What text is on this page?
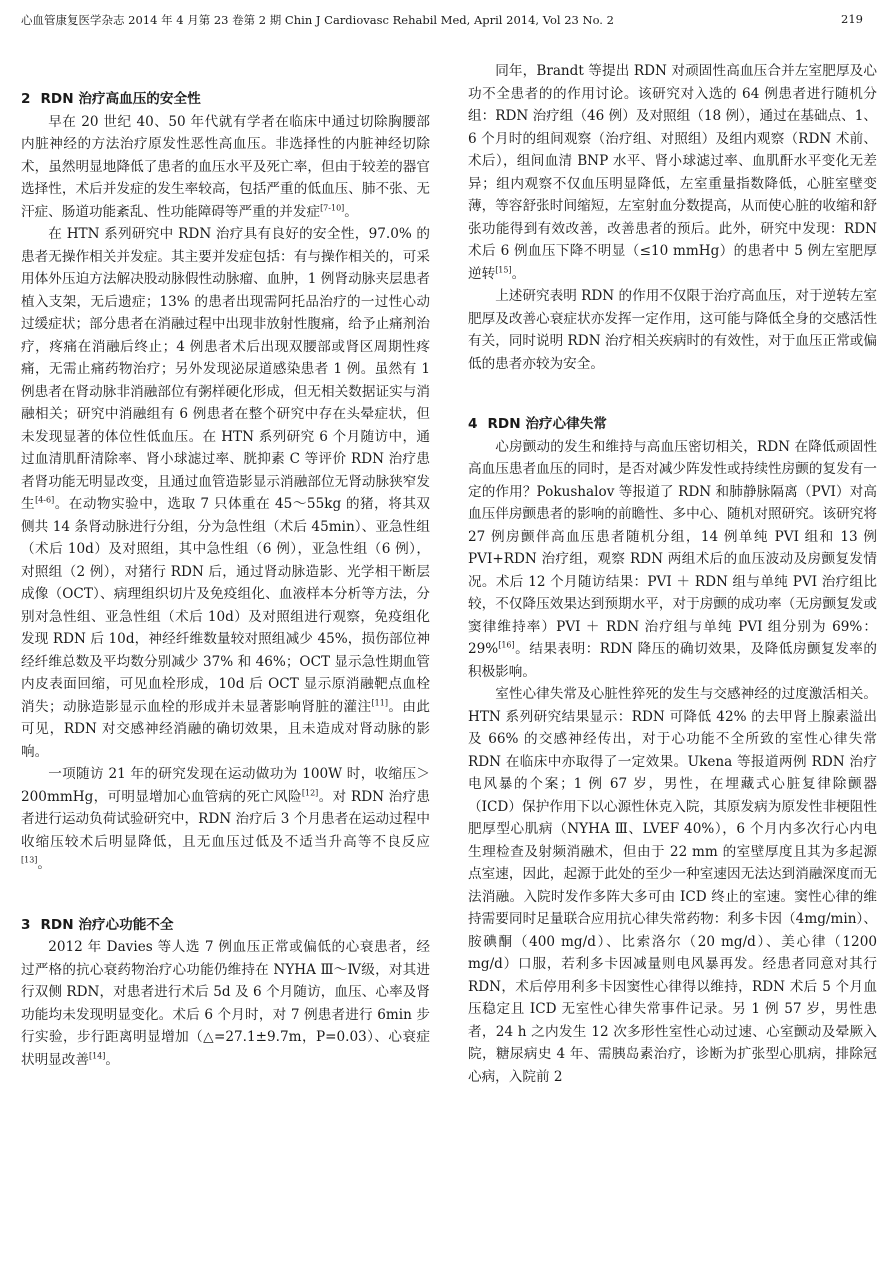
心血管康复医学杂志 2014 年 4 月第 23 卷第 2 期 Chin J Cardiovasc Rehabil Med, April 2014, Vol 23 No. 2	219
2 RDN 治疗高血压的安全性

早在 20 世纪 40、50 年代就有学者在临床中通过切除胸腰部内脏神经的方法治疗原发性恶性高血压。非选择性的内脏神经切除术，虽然明显地降低了患者的血压水平及死亡率，但由于较差的器官选择性，术后并发症的发生率较高，包括严重的低血压、肺不张、无汗症、肠道功能紊乱、性功能障碍等严重的并发症[7-10]。

在 HTN 系列研究中 RDN 治疗具有良好的安全性，97.0% 的患者无操作相关并发症。其主要并发症包括：有与操作相关的，可采用体外压迫方法解决股动脉假性动脉瘤、血肿，1 例肾动脉夹层患者植入支架，无后遗症；13% 的患者出现需阿托品治疗的一过性心动过缓症状；部分患者在消融过程中出现非放射性腹痛，给予止痛剂治疗，疼痛在消融后终止；4 例患者术后出现双腰部或肾区周期性疼痛，无需止痛药物治疗；另外发现泌尿道感染患者 1 例。虽然有 1 例患者在肾动脉非消融部位有粥样硬化形成，但无相关数据证实与消融相关；研究中消融组有 6 例患者在整个研究中存在头晕症状，但未发现显著的体位性低血压。在 HTN 系列研究 6 个月随访中，通过血清肌酐清除率、肾小球滤过率、胱抑素 C 等评价 RDN 治疗患者肾功能无明显改变，且通过血管造影显示消融部位无肾动脉狭窄发生[4-6]。在动物实验中，选取 7 只体重在 45～55kg 的猪，将其双侧共 14 条肾动脉进行分组，分为急性组（术后 45min）、亚急性组（术后 10d）及对照组，其中急性组（6 例），亚急性组（6 例），对照组（2 例），对猪行 RDN 后，通过肾动脉造影、光学相干断层成像（OCT）、病理组织切片及免疫组化、血液样本分析等方法，分别对急性组、亚急性组（术后 10d）及对照组进行观察，免疫组化发现 RDN 后 10d，神经纤维数量较对照组减少 45%，损伤部位神经纤维总数及平均数分别减少 37% 和 46%；OCT 显示急性期血管内皮表面回缩，可见血栓形成，10d 后 OCT 显示原消融靶点血栓消失；动脉造影显示血栓的形成并未显著影响肾脏的灌注[11]。由此可见，RDN 对交感神经消融的确切效果，且未造成对肾动脉的影响。

一项随访 21 年的研究发现在运动做功为 100W 时，收缩压＞200mmHg，可明显增加心血管病的死亡风险[12]。对 RDN 治疗患者进行运动负荷试验研究中，RDN 治疗后 3 个月患者在运动过程中收缩压较术后明显降低，且无血压过低及不适当升高等不良反应[13]。

3 RDN 治疗心功能不全

2012 年 Davies 等人选 7 例血压正常或偏低的心衰患者，经过严格的抗心衰药物治疗心功能仍维持在 NYHA Ⅲ～Ⅳ级，对其进行双侧 RDN，对患者进行术后 5d 及 6 个月随访，血压、心率及肾功能均未发现明显变化。术后 6 个月时，对 7 例患者进行 6min 步行实验，步行距离明显增加（△=27.1±9.7m，P=0.03）、心衰症状明显改善[14]。

同年，Brandt 等提出 RDN 对顽固性高血压合并左室肥厚及心功不全患者的的作用讨论。该研究对入选的 64 例患者进行随机分组：RDN 治疗组（46 例）及对照组（18 例），通过在基础点、1、6 个月时的组间观察（治疗组、对照组）及组内观察（RDN 术前、术后），组间血清 BNP 水平、肾小球滤过率、血肌酐水平变化无差异；组内观察不仅血压明显降低，左室重量指数降低，心脏室壁变薄，等容舒张时间缩短，左室射血分数提高，从而使心脏的收缩和舒张功能得到有效改善，改善患者的预后。此外，研究中发现：RDN 术后 6 例血压下降不明显（≤10 mmHg）的患者中 5 例左室肥厚逆转[15]。

上述研究表明 RDN 的作用不仅限于治疗高血压，对于逆转左室肥厚及改善心衰症状亦发挥一定作用，这可能与降低全身的交感活性有关，同时说明 RDN 治疗相关疾病时的有效性，对于血压正常或偏低的患者亦较为安全。

4 RDN 治疗心律失常

心房颤动的发生和维持与高血压密切相关，RDN 在降低顽固性高血压患者血压的同时，是否对减少阵发性或持续性房颤的复发有一定的作用？Pokushalov 等报道了 RDN 和肺静脉隔离（PVI）对高血压伴房颤患者的影响的前瞻性、多中心、随机对照研究。该研究将 27 例房颤伴高血压患者随机分组，14 例单纯 PVI 组和 13 例 PVI+RDN 治疗组，观察 RDN 两组术后的血压波动及房颤复发情况。术后 12 个月随访结果：PVI ＋ RDN 组与单纯 PVI 治疗组比较，不仅降压效果达到预期水平，对于房颤的成功率（无房颤复发或窦律维持率）PVI ＋ RDN 治疗组与单纯 PVI 组分别为 69%：29%[16]。结果表明：RDN 降压的确切效果，及降低房颤复发率的积极影响。

室性心律失常及心脏性猝死的发生与交感神经的过度激活相关。HTN 系列研究结果显示：RDN 可降低 42% 的去甲肾上腺素溢出及 66% 的交感神经传出，对于心功能不全所致的室性心律失常 RDN 在临床中亦取得了一定效果。Ukena 等报道两例 RDN 治疗电风暴的个案；1 例 67 岁，男性，在埋藏式心脏复律除颤器（ICD）保护作用下以心源性休克入院，其原发病为原发性非梗阻性肥厚型心肌病（NYHA Ⅲ、LVEF 40%），6 个月内多次行心内电生理检查及射频消融术，但由于 22 mm 的室壁厚度且其为多起源点室速，因此，起源于此处的至少一种室速因无法达到消融深度而无法消融。入院时发作多阵大多可由 ICD 终止的室速。窦性心律的维持需要同时足量联合应用抗心律失常药物：利多卡因（4mg/min）、胺碘酮（400 mg/d）、比索洛尔（20 mg/d）、美心律（1200 mg/d）口服，若利多卡因减量则电风暴再发。经患者同意对其行 RDN，术后停用利多卡因窦性心律得以维持，RDN 术后 5 个月血压稳定且 ICD 无室性心律失常事件记录。另 1 例 57 岁，男性患者，24 h 之内发生 12 次多形性室性心动过速、心室颤动及晕厥入院，糖尿病史 4 年、需胰岛素治疗，诊断为扩张型心肌病，排除冠心病，入院前 2
